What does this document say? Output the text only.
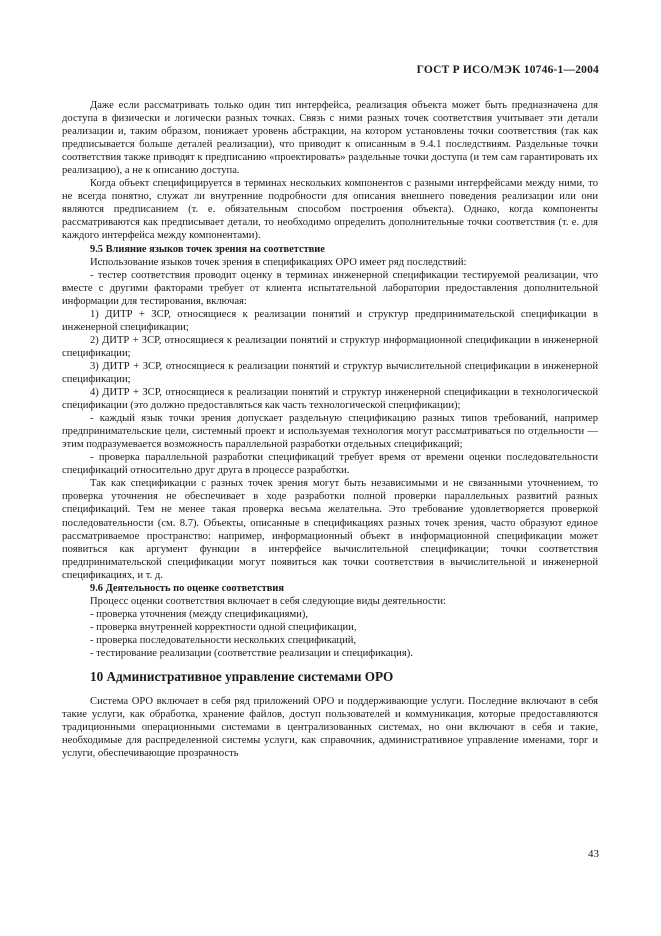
ГОСТ Р ИСО/МЭК 10746-1—2004

Даже если рассматривать только один тип интерфейса, реализация объекта может быть предназначена для доступа в физически и логически разных точках. Связь с ними разных точек соответствия учитывает эти детали реализации и, таким образом, понижает уровень абстракции, на котором установлены точки соответствия (так как предписывается больше деталей реализации), что приводит к описанным в 9.4.1 последствиям. Раздельные точки соответствия также приводят к предписанию «проектировать» раздельные точки доступа (и тем сам гарантировать их реализацию), а не к описанию доступа.

Когда объект специфицируется в терминах нескольких компонентов с разными интерфейсами между ними, то не всегда понятно, служат ли внутренние подробности для описания внешнего поведения реализации или они являются предписанием (т. е. обязательным способом построения объекта). Однако, когда компоненты рассматриваются как предписывает детали, то необходимо определить дополнительные точки соответствия (т. е. для каждого интерфейса между компонентами).

9.5 Влияние языков точек зрения на соответствие

Использование языков точек зрения в спецификациях ОРО имеет ряд последствий:

- тестер соответствия проводит оценку в терминах инженерной спецификации тестируемой реализации, что вместе с другими факторами требует от клиента испытательной лаборатории предоставления дополнительной информации для тестирования, включая:

1) ДИТР + ЗСР, относящиеся к реализации понятий и структур предпринимательской спецификации в инженерной спецификации;

2) ДИТР + ЗСР, относящиеся к реализации понятий и структур информационной спецификации в инженерной спецификации;

3) ДИТР + ЗСР, относящиеся к реализации понятий и структур вычислительной спецификации в инженерной спецификации;

4) ДИТР + ЗСР, относящиеся к реализации понятий и структур инженерной спецификации в технологической спецификации (это должно предоставляться как часть технологической спецификации);

- каждый язык точки зрения допускает раздельную спецификацию разных типов требований, например предпринимательские цели, системный проект и используемая технология могут рассматриваться по отдельности — этим подразумевается возможность параллельной разработки отдельных спецификаций;

- проверка параллельной разработки спецификаций требует время от времени оценки последовательности спецификаций относительно друг друга в процессе разработки.

Так как спецификации с разных точек зрения могут быть независимыми и не связанными уточнением, то проверка уточнения не обеспечивает в ходе разработки полной проверки параллельных развитий разных спецификаций. Тем не менее такая проверка весьма желательна. Это требование удовлетворяется проверкой последовательности (см. 8.7). Объекты, описанные в спецификациях разных точек зрения, часто образуют единое рассматриваемое пространство: например, информационный объект в информационной спецификации может появиться как аргумент функции в интерфейсе вычислительной спецификации; точки соответствия предпринимательской спецификации могут появиться как точки соответствия в вычислительной и инженерной спецификациях, и т. д.

9.6 Деятельность по оценке соответствия

Процесс оценки соответствия включает в себя следующие виды деятельности:

- проверка уточнения (между спецификациями),

- проверка внутренней корректности одной спецификации,

- проверка последовательности нескольких спецификаций,

- тестирование реализации (соответствие реализации и спецификация).

10 Административное управление системами ОРО

Система ОРО включает в себя ряд приложений ОРО и поддерживающие услуги. Последние включают в себя такие услуги, как обработка, хранение файлов, доступ пользователей и коммуникация, которые предоставляются традиционными операционными системами в централизованных системах, но они включают в себя и такие, необходимые для распределенной системы услуги, как справочник, административное управление именами, торг и услуги, обеспечивающие прозрачность

43
